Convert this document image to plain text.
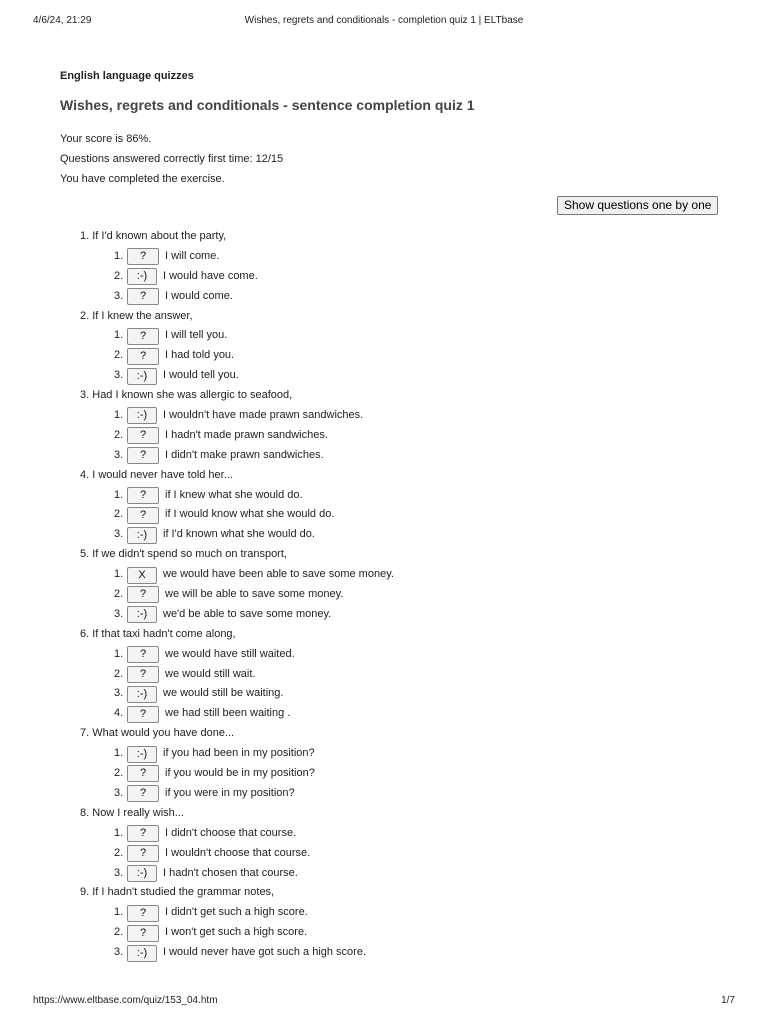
4/6/24, 21:29	Wishes, regrets and conditionals - completion quiz 1 | ELTbase
English language quizzes
Wishes, regrets and conditionals - sentence completion quiz 1
Your score is 86%.
Questions answered correctly first time: 12/15
You have completed the exercise.
Show questions one by one
1. If I'd known about the party,
1.	?	I will come.
2.	:-)	I would have come.
3.	?	I would come.
2. If I knew the answer,
1.	?	I will tell you.
2.	?	I had told you.
3.	:-)	I would tell you.
3. Had I known she was allergic to seafood,
1.	:-)	I wouldn't have made prawn sandwiches.
2.	?	I hadn't made prawn sandwiches.
3.	?	I didn't make prawn sandwiches.
4. I would never have told her...
1.	?	if I knew what she would do.
2.	?	if I would know what she would do.
3.	:-)	if I'd known what she would do.
5. If we didn't spend so much on transport,
1.	X	we would have been able to save some money.
2.	?	we will be able to save some money.
3.	:-)	we'd be able to save some money.
6. If that taxi hadn't come along,
1.	?	we would have still waited.
2.	?	we would still wait.
3.	:-)	we would still be waiting.
4.	?	we had still been waiting .
7. What would you have done...
1.	:-)	if you had been in my position?
2.	?	if you would be in my position?
3.	?	if you were in my position?
8. Now I really wish...
1.	?	I didn't choose that course.
2.	?	I wouldn't choose that course.
3.	:-)	I hadn't chosen that course.
9. If I hadn't studied the grammar notes,
1.	?	I didn't get such a high score.
2.	?	I won't get such a high score.
3.	:-)	I would never have got such a high score.
https://www.eltbase.com/quiz/153_04.htm	1/7
